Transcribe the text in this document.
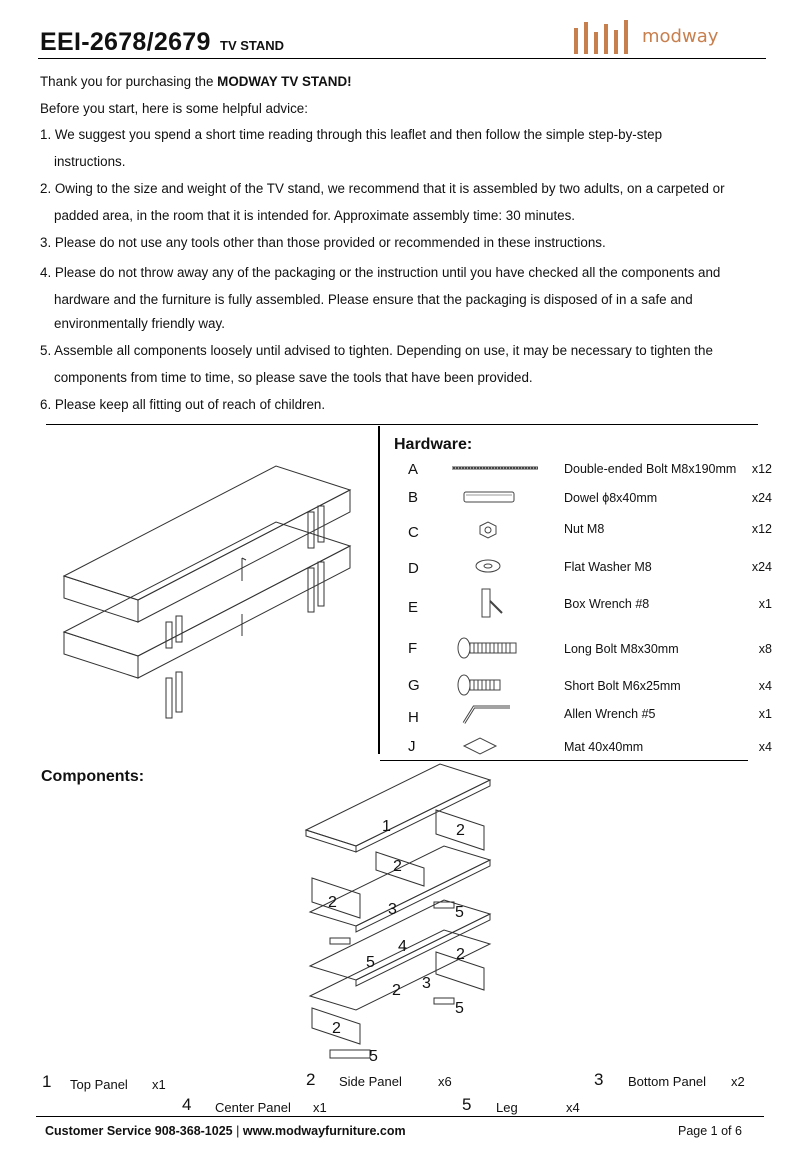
EEI-2678/2679 TV STAND	modway
Thank you for purchasing the MODWAY TV STAND!
Before you start, here is some helpful advice:
1. We suggest you spend a short time reading through this leaflet and then follow the simple step-by-step
instructions.
2. Owing to the size and weight of the TV stand, we recommend that it is assembled by two adults, on a carpeted or
padded area, in the room that it is intended for. Approximate assembly time: 30 minutes.
3. Please do not use any tools other than those provided or recommended in these instructions.
4. Please do not throw away any of the packaging or the instruction until you have checked all the components and
hardware and the furniture is fully assembled. Please ensure that the packaging is disposed of in a safe and
environmentally friendly way.
5. Assemble all components loosely until advised to tighten. Depending on use, it may be necessary to tighten the
components from time to time, so please save the tools that have been provided.
6. Please keep all fitting out of reach of children.
Hardware:
A	Double-ended Bolt M8x190mm x12
B	Dowel ϕ8x40mm	x24
C	Nut M8	x12
D	Flat Washer M8	x24
E	Box Wrench #8	x1
F	Long Bolt M8x30mm	x8
G	Short Bolt M6x25mm	x4
H	Allen Wrench #5	x1
J	Mat 40x40mm	x4
Components:
1	2
2
2	3	5
4	2
5
2 3
5
2
5
1 Top Panel x1	2 Side Panel	x6	3 Bottom Panel x2
4 Center Panel x1	5 Leg	x4
Customer Service 908-368-1025 | www.modwayfurniture.com	Page 1 of 6
